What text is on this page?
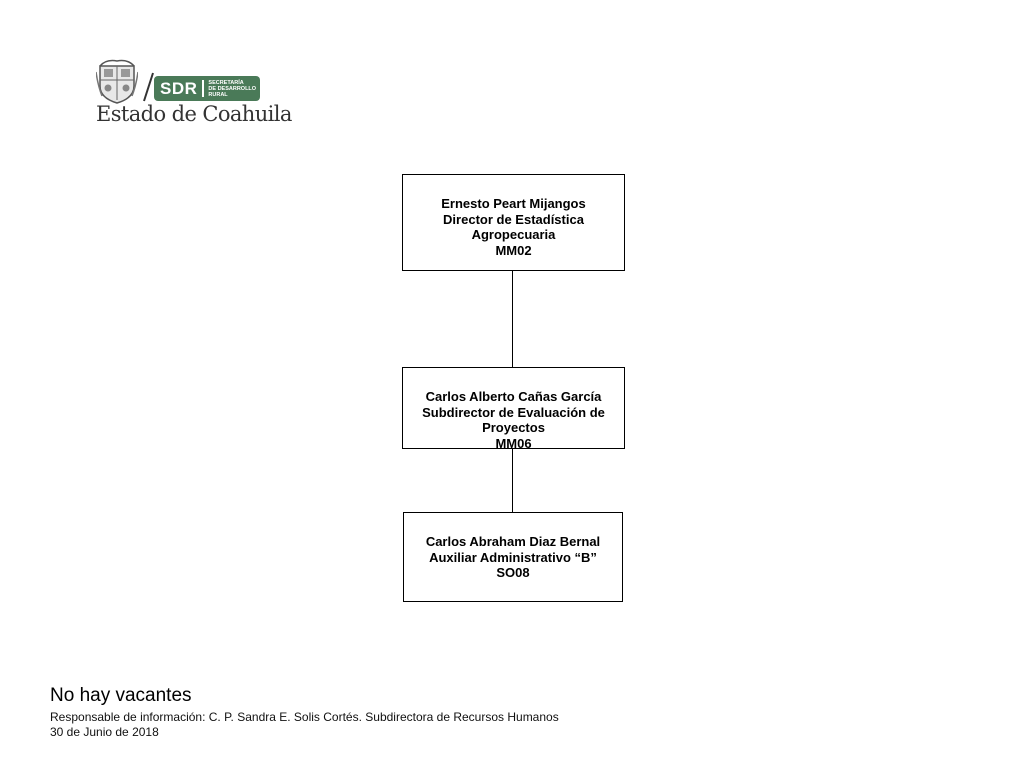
SDR SECRETARÍA
DE DESARROLLO
RURAL
Estado de Coahuila
Ernesto Peart Mijangos
Director de Estadística
Agropecuaria
MM02
Carlos Alberto Cañas García
Subdirector de Evaluación de
Proyectos
MM06
Carlos Abraham Diaz Bernal
Auxiliar Administrativo “B”
SO08
No hay vacantes
Responsable de información: C. P. Sandra E. Solis Cortés. Subdirectora de Recursos Humanos
30 de Junio de 2018
